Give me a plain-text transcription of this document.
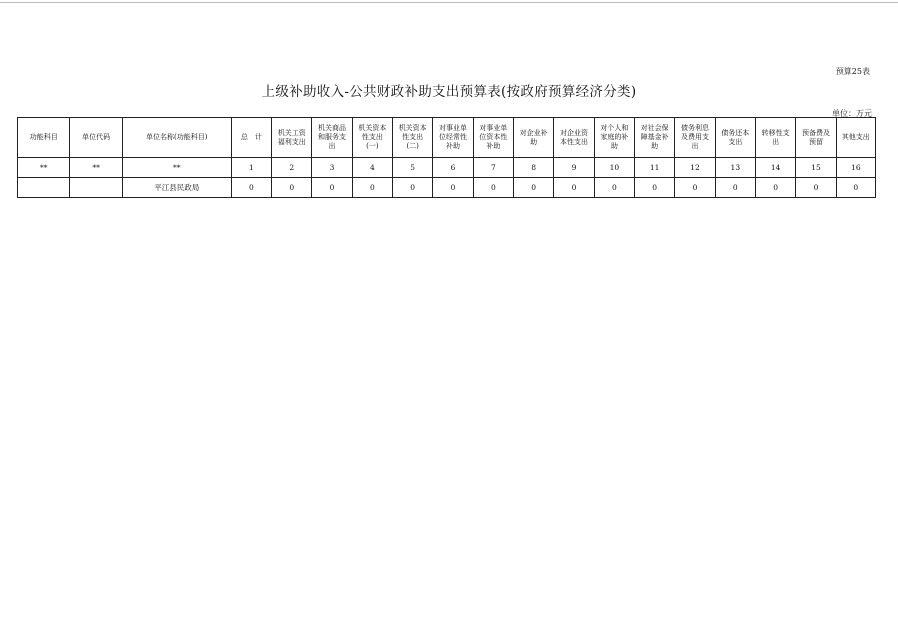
预算25表
上级补助收入-公共财政补助支出预算表(按政府预算经济分类)
单位：万元
功能科目	单位代码	单位名称(功能科目)	总　计	机关工资福利支出	机关商品和服务支出	机关资本性支出(一)	机关资本性支出(二)	对事业单位经常性补助	对事业单位资本性补助	对企业补助	对企业资本性支出	对个人和家庭的补助	对社会保障基金补助	债务利息及费用支出	债务还本支出	转移性支出	预备费及预留	其他支出

**	**	**	1	2	3	4	5	6	7	8	9	10	11	12	13	14	15	16
		平江县民政局	0	0	0	0	0	0	0	0	0	0	0	0	0	0	0	0
